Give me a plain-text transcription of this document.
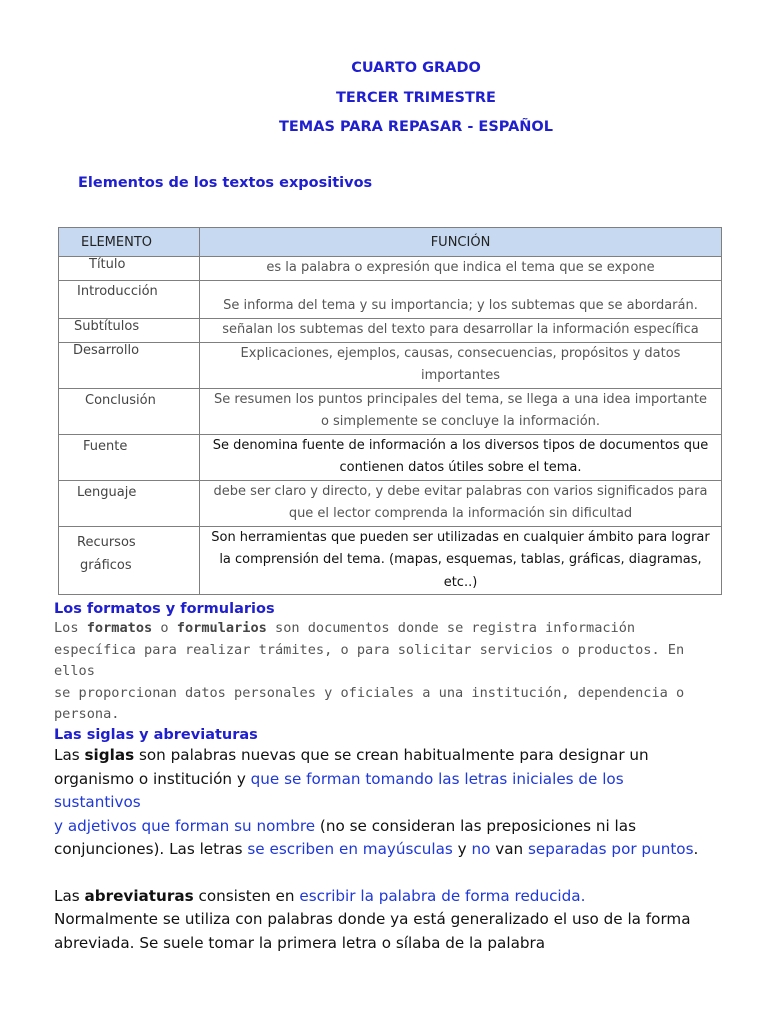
CUARTO GRADO
TERCER TRIMESTRE
TEMAS PARA REPASAR - ESPAÑOL
Elementos de los textos expositivos
ELEMENTO	FUNCIÓN

Título	es la palabra o expresión que indica el tema que se expone

Introducción	Se informa del tema y su importancia; y los subtemas que se abordarán.

Subtítulos	señalan los subtemas del texto para desarrollar la información específica

Desarrollo	Explicaciones, ejemplos, causas, consecuencias, propósitos y datos importantes

Conclusión	Se resumen los puntos principales del tema, se llega a una idea importante
o simplemente se concluye la información.

Fuente	Se denomina fuente de información a los diversos tipos de documentos que
contienen datos útiles sobre el tema.

Lenguaje	debe ser claro y directo, y debe evitar palabras con varios significados para
que el lector comprenda la información sin dificultad

Recursos
gráficos	Son herramientas que pueden ser utilizadas en cualquier ámbito para lograr
la comprensión del tema. (mapas, esquemas, tablas, gráficas, diagramas,
etc..)
Los formatos y formularios
Los formatos o formularios son documentos donde se registra información
específica para realizar trámites, o para solicitar servicios o productos. En ellos
se proporcionan datos personales y oficiales a una institución, dependencia o
persona.
Las siglas y abreviaturas
Las siglas son palabras nuevas que se crean habitualmente para designar un
organismo o institución y que se forman tomando las letras iniciales de los sustantivos
y adjetivos que forman su nombre (no se consideran las preposiciones ni las
conjunciones). Las letras se escriben en mayúsculas y no van separadas por puntos.
Las abreviaturas consisten en escribir la palabra de forma reducida.
Normalmente se utiliza con palabras donde ya está generalizado el uso de la forma
abreviada. Se suele tomar la primera letra o sílaba de la palabra
